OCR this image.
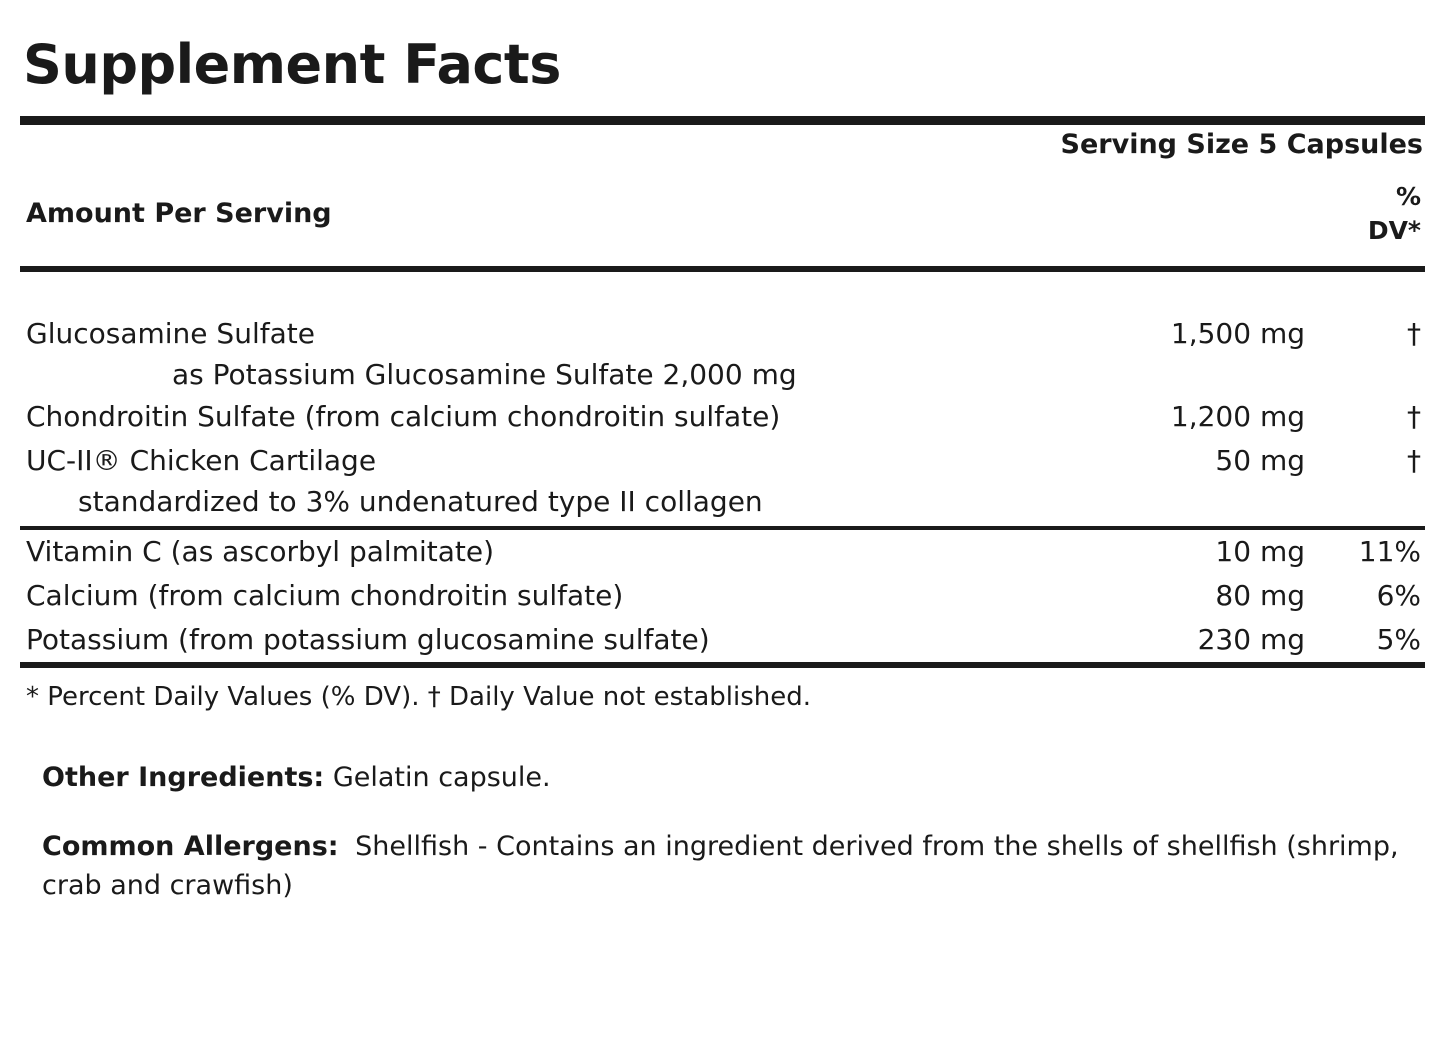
Supplement Facts
Serving Size 5 Capsules
Amount Per Serving
%
DV*
Glucosamine Sulfate	1,500 mg	†
as Potassium Glucosamine Sulfate 2,000 mg
Chondroitin Sulfate (from calcium chondroitin sulfate)	1,200 mg	†
UC-II® Chicken Cartilage	50 mg	†
standardized to 3% undenatured type II collagen
Vitamin C (as ascorbyl palmitate)	10 mg	11%
Calcium (from calcium chondroitin sulfate)	80 mg	6%
Potassium (from potassium glucosamine sulfate)	230 mg	5%
* Percent Daily Values (% DV). † Daily Value not established.
Other Ingredients: Gelatin capsule.
Common Allergens: Shellfish - Contains an ingredient derived from the shells of shellfish (shrimp, crab and crawfish)
